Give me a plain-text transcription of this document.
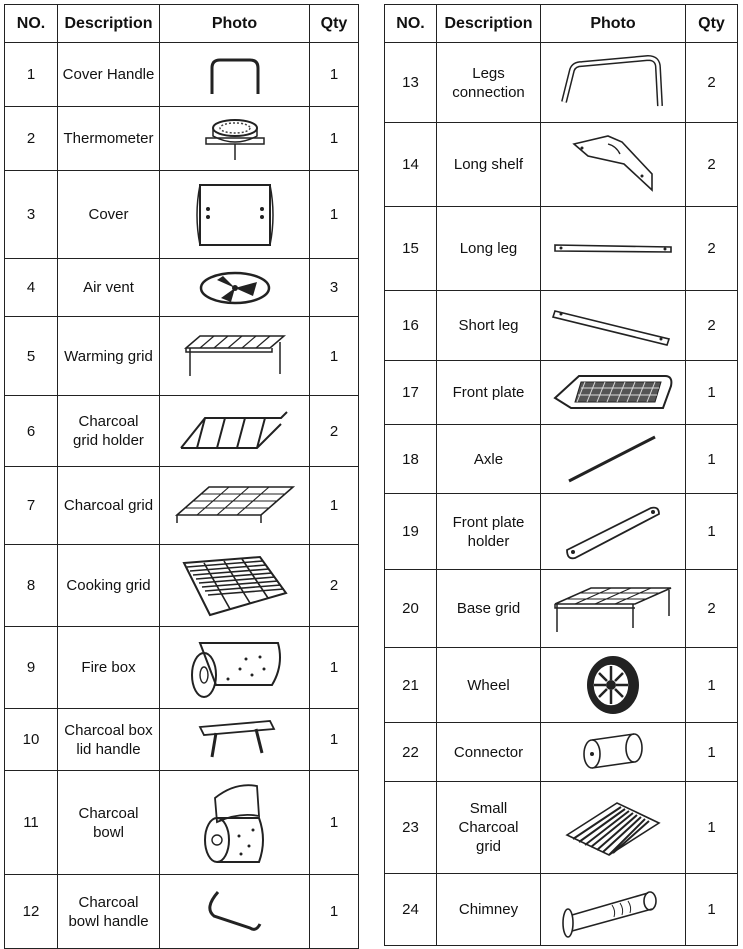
NO.	Description	Photo	Qty
1	Cover Handle		1
2	Thermometer		1
3	Cover		1
4	Air vent		3
5	Warming grid		1
6	Charcoal
grid holder		2
7	Charcoal grid		1
8	Cooking grid		2
9	Fire box		1
10	Charcoal box
lid handle		1
11	Charcoal
bowl		1
12	Charcoal
bowl handle		1
NO.	Description	Photo	Qty
13	Legs
connection		2
14	Long shelf		2
15	Long leg		2
16	Short leg		2
17	Front plate		1
18	Axle		1
19	Front plate
holder		1
20	Base grid		2
21	Wheel		1
22	Connector		1
23	Small
Charcoal
grid		1
24	Chimney		1
